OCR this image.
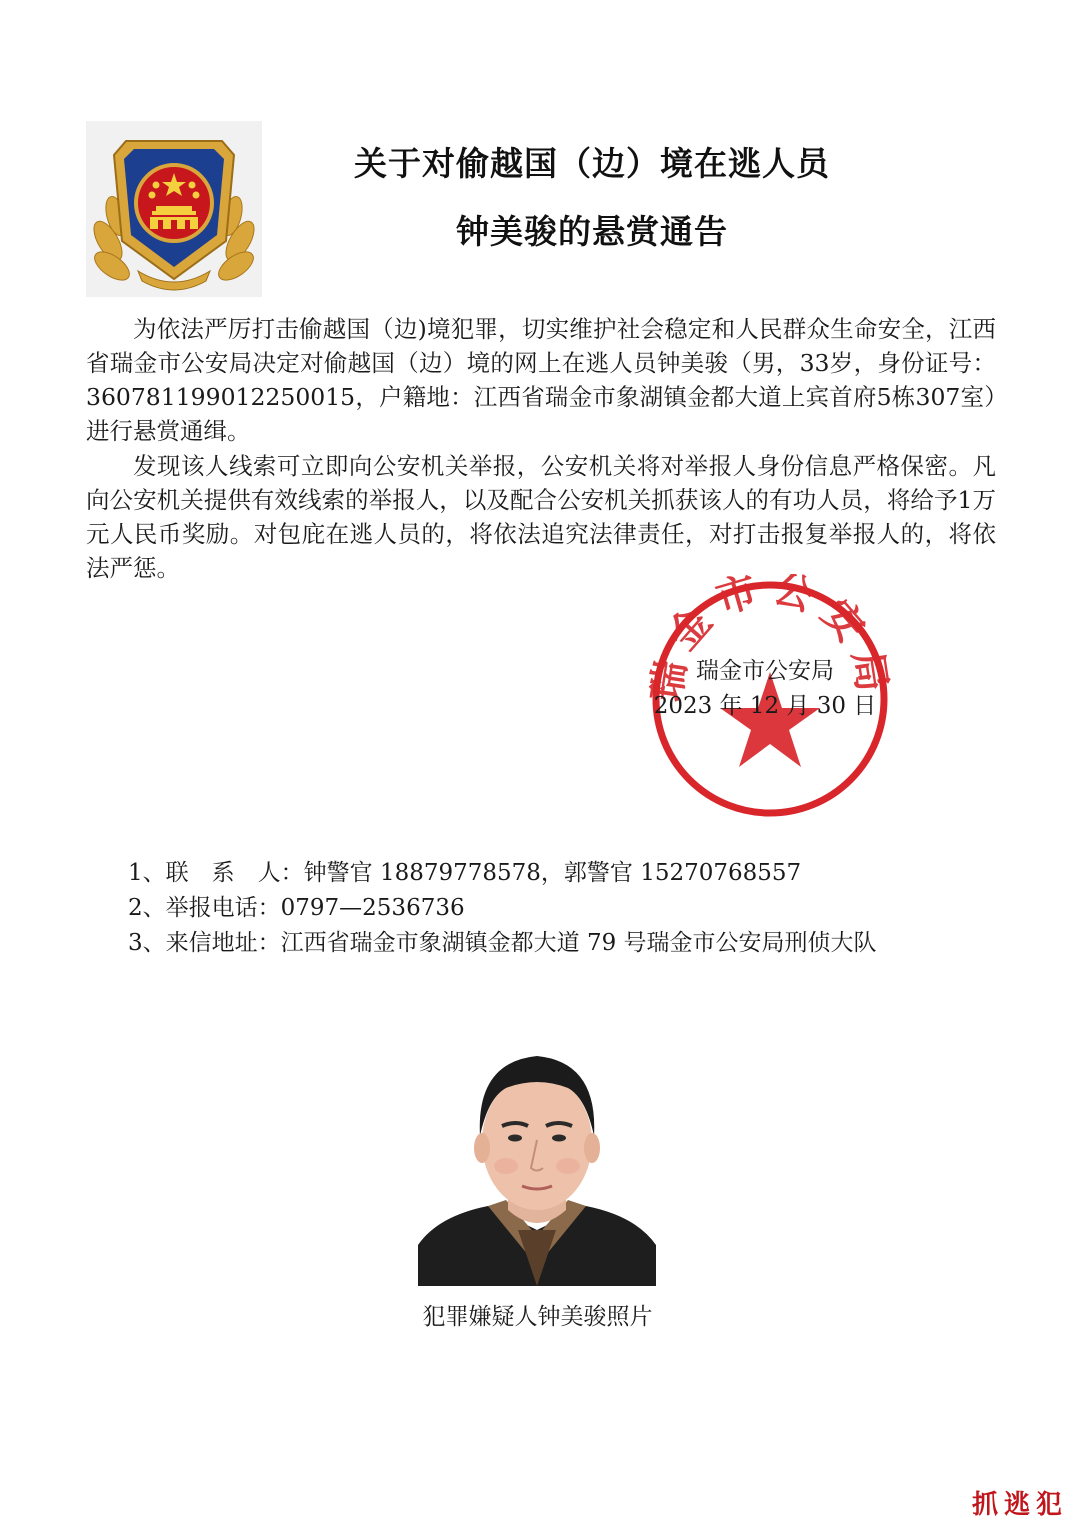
关于对偷越国（边）境在逃人员
钟美骏的悬赏通告

为依法严厉打击偷越国（边)境犯罪，切实维护社会稳定和人民群众生命安全，江西省瑞金市公安局决定对偷越国（边）境的网上在逃人员钟美骏（男，33岁，身份证号：360781199012250015，户籍地：江西省瑞金市象湖镇金都大道上宾首府5栋307室）进行悬赏通缉。

发现该人线索可立即向公安机关举报，公安机关将对举报人身份信息严格保密。凡向公安机关提供有效线索的举报人，以及配合公安机关抓获该人的有功人员，将给予1万元人民币奖励。对包庇在逃人员的，将依法追究法律责任，对打击报复举报人的，将依法严惩。

瑞金市公安局
瑞金市公安局
2023 年 12 月 30 日
1、联　系　人：钟警官 18879778578，郭警官 15270768557
2、举报电话：0797—2536736
3、来信地址：江西省瑞金市象湖镇金都大道 79 号瑞金市公安局刑侦大队
犯罪嫌疑人钟美骏照片
抓逃犯
